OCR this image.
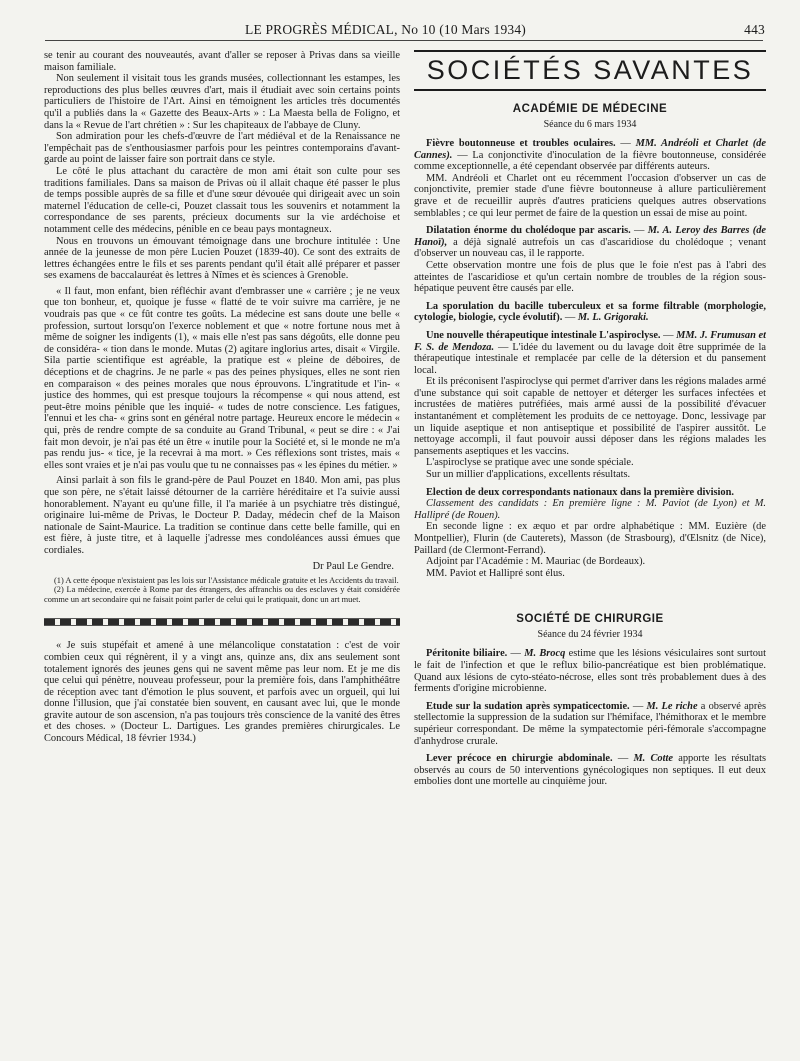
LE PROGRÈS MÉDICAL, No 10 (10 Mars 1934)	443

se tenir au courant des nouveautés, avant d'aller se reposer à Privas dans sa vieille maison familiale.

Non seulement il visitait tous les grands musées, collectionnant les estampes, les reproductions des plus belles œuvres d'art, mais il étudiait avec soin certains points particuliers de l'histoire de l'Art. Ainsi en témoignent les articles très documentés qu'il a publiés dans la « Gazette des Beaux-Arts » : La Maesta bella de Foligno, et dans la « Revue de l'art chrétien » : Sur les chapiteaux de l'abbaye de Cluny.

Son admiration pour les chefs-d'œuvre de l'art médiéval et de la Renaissance ne l'empêchait pas de s'enthousiasmer parfois pour les peintres contemporains d'avant-garde au point de laisser faire son portrait dans ce style.

Le côté le plus attachant du caractère de mon ami était son culte pour ses traditions familiales. Dans sa maison de Privas où il allait chaque été passer le plus de temps possible auprès de sa fille et d'une sœur dévouée qui dirigeait avec un soin maternel l'éducation de celle-ci, Pouzet classait tous les souvenirs et notamment la correspondance de ses parents, précieux documents sur la vie ardéchoise et notamment celle des médecins, pénible en ce beau pays montagneux.

Nous en trouvons un émouvant témoignage dans une brochure intitulée : Une année de la jeunesse de mon père Lucien Pouzet (1839-40). Ce sont des extraits de lettres échangées entre le fils et ses parents pendant qu'il était allé préparer et passer ses examens de baccalauréat ès lettres à Nîmes et ès sciences à Grenoble.

« Il faut, mon enfant, bien réfléchir avant d'embrasser une « carrière ; je ne veux que ton bonheur, et, quoique je fusse « flatté de te voir suivre ma carrière, je ne voudrais pas que « ce fût contre tes goûts. La médecine est sans doute une belle « profession, surtout lorsqu'on l'exerce noblement et que « notre fortune nous met à même de soigner les indigents (1), « mais elle n'est pas sans dégoûts, elle donne peu de considéra- « tion dans le monde. Mutas (2) agitare inglorius artes, disait « Virgile. Sila partie scientifique est agréable, la pratique est « pleine de déboires, de déceptions et de chagrins. Je ne parle « pas des peines physiques, elles ne sont rien en comparaison « des peines morales que nous éprouvons. L'ingratitude et l'in- « justice des hommes, qui est presque toujours la récompense « qui nous attend, est peut-être moins pénible que les inquié- « tudes de notre conscience. Les fatigues, l'ennui et les cha- « grins sont en général notre partage. Heureux encore le médecin « qui, près de rendre compte de sa conduite au Grand Tribunal, « peut se dire : « J'ai fait mon devoir, je n'ai pas été un être « inutile pour la Société et, si le monde ne m'a pas rendu jus- « tice, je la recevrai à ma mort. » Ces réflexions sont tristes, mais « elles sont vraies et je n'ai pas voulu que tu ne connaisses pas « les épines du métier. »

Ainsi parlait à son fils le grand-père de Paul Pouzet en 1840. Mon ami, pas plus que son père, ne s'était laissé détourner de la carrière héréditaire et l'a suivie aussi honorablement. N'ayant eu qu'une fille, il l'a mariée à un psychiatre très distingué, originaire lui-même de Privas, le Docteur P. Daday, médecin chef de la Maison nationale de Saint-Maurice. La tradition se continue dans cette belle famille, qui en est fière, à juste titre, et à laquelle j'adresse mes condoléances aussi émues que cordiales.

Dr Paul Le Gendre.

(1) A cette époque n'existaient pas les lois sur l'Assistance médicale gratuite et les Accidents du travail.

(2) La médecine, exercée à Rome par des étrangers, des affranchis ou des esclaves y était considérée comme un art secondaire qui ne faisait point parler de celui qui le pratiquait, donc un art muet.

« Je suis stupéfait et amené à une mélancolique constatation : c'est de voir combien ceux qui régnèrent, il y a vingt ans, quinze ans, dix ans seulement sont totalement ignorés des jeunes gens qui ne savent même pas leur nom. Et je me dis que celui qui pénètre, nouveau professeur, pour la première fois, dans l'amphithéâtre de réception avec tant d'émotion le plus souvent, et parfois avec un orgueil, qui lui donne l'illusion, que j'ai constatée bien souvent, en causant avec lui, que le monde gravite autour de son ascension, n'a pas toujours très conscience de la vanité des êtres et des choses. » (Docteur L. Dartigues. Les grandes premières chirurgicales. Le Concours Médical, 18 février 1934.)

SOCIÉTÉS SAVANTES
ACADÉMIE DE MÉDECINE
Séance du 6 mars 1934
Fièvre boutonneuse et troubles oculaires. — MM. Andréoli et Charlet (de Cannes). — La conjonctivite d'inoculation de la fièvre boutonneuse, considérée comme exceptionnelle, a été cependant observée par différents auteurs.

MM. Andréoli et Charlet ont eu récemment l'occasion d'observer un cas de conjonctivite, premier stade d'une fièvre boutonneuse à allure particulièrement grave et de recueillir auprès d'autres praticiens quelques autres observations semblables ; ce qui leur permet de faire de la question un essai de mise au point.

Dilatation énorme du cholédoque par ascaris. — M. A. Leroy des Barres (de Hanoï), a déjà signalé autrefois un cas d'ascaridiose du cholédoque ; venant d'observer un nouveau cas, il le rapporte.

Cette observation montre une fois de plus que le foie n'est pas à l'abri des atteintes de l'ascaridiose et qu'un certain nombre de troubles de la région sous-hépatique peuvent être causés par elle.

La sporulation du bacille tuberculeux et sa forme filtrable (morphologie, cytologie, biologie, cycle évolutif). — M. L. Grigoraki.
Une nouvelle thérapeutique intestinale L'aspiroclyse. — MM. J. Frumusan et F. S. de Mendoza. — L'idée du lavement ou du lavage doit être supprimée de la thérapeutique intestinale et remplacée par celle de la détersion et du pansement local.

Et ils préconisent l'aspiroclyse qui permet d'arriver dans les régions malades armé d'une substance qui soit capable de nettoyer et déterger les surfaces infectées et incrustées de matières putréfiées, mais armé aussi de la possibilité d'évacuer instantanément et complètement les produits de ce nettoyage. Donc, lessivage par un liquide aseptique et non antiseptique et possibilité de l'aspirer aussitôt. Le nettoyage accompli, il faut pouvoir aussi déposer dans les régions malades les pansements aseptiques et les vaccins.

L'aspiroclyse se pratique avec une sonde spéciale.

Sur un millier d'applications, excellents résultats.

Election de deux correspondants nationaux dans la première division.

Classement des candidats : En première ligne : M. Paviot (de Lyon) et M. Hallipré (de Rouen).

En seconde ligne : ex æquo et par ordre alphabétique : MM. Euzière (de Montpellier), Flurin (de Cauterets), Masson (de Strasbourg), d'Œlsnitz (de Nice), Paillard (de Clermont-Ferrand).

Adjoint par l'Académie : M. Mauriac (de Bordeaux).

MM. Paviot et Hallipré sont élus.

SOCIÉTÉ DE CHIRURGIE
Séance du 24 février 1934
Péritonite biliaire. — M. Brocq estime que les lésions vésiculaires sont surtout le fait de l'infection et que le reflux bilio-pancréatique est bien problématique. Quand aux lésions de cyto-stéato-nécrose, elles sont très probablement dues à des ferments d'origine microbienne.
Etude sur la sudation après sympaticectomie. — M. Le riche a observé après stellectomie la suppression de la sudation sur l'hémiface, l'hémithorax et le membre supérieur correspondant. De même la sympatectomie péri-fémorale s'accompagne d'anhydrose crurale.
Lever précoce en chirurgie abdominale. — M. Cotte apporte les résultats observés au cours de 50 interventions gynécologiques non septiques. Il eut deux embolies dont une mortelle au cinquième jour.
